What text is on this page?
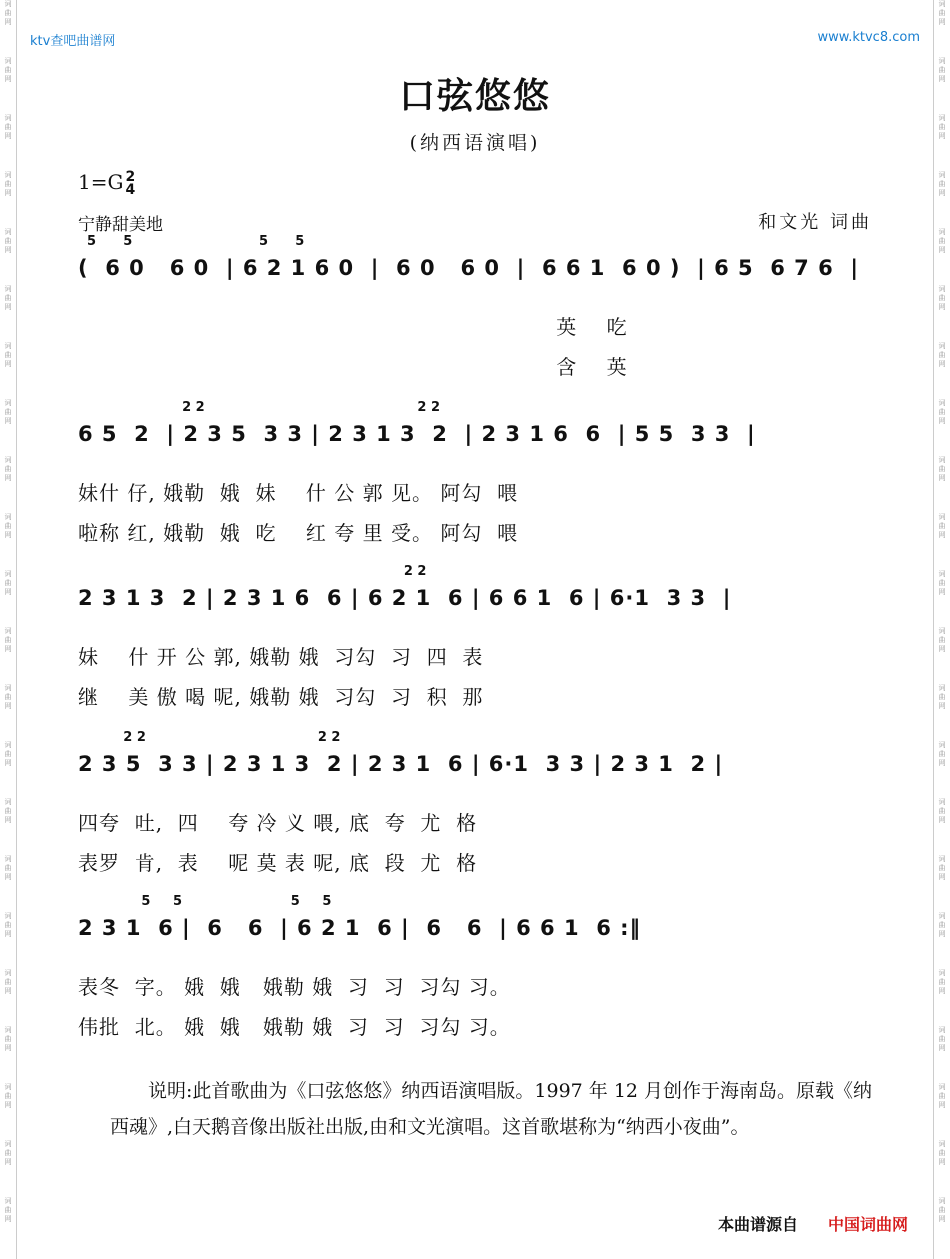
词曲网
词曲网
词曲网
词曲网
词曲网
词曲网
词曲网
词曲网
词曲网
词曲网
词曲网
词曲网
词曲网
词曲网
词曲网
词曲网
词曲网
词曲网
词曲网
词曲网
词曲网
词曲网
词曲网
词曲网
词曲网
词曲网
词曲网
词曲网
词曲网
词曲网
词曲网
词曲网
词曲网
词曲网
词曲网
词曲网
词曲网
词曲网
词曲网
词曲网
词曲网
词曲网
词曲网
词曲网
ktv查吧曲谱网	www.ktvc8.com
口弦悠悠
(纳西语演唱)
1=G 2
4
宁静甜美地	和文光 词曲
5      5                            5      5
(  6 0   6 0  | 6 2 1 6 0  |  6 0   6 0  |  6 6 1  6 0 )  | 6 5  6 7 6  |
英    吃
含    英
2 2                                               2 2
6 5  2  | 2 3 5  3 3 | 2 3 1 3  2  | 2 3 1 6  6  | 5 5  3 3  |
妹什 仔, 娥勒  娥  妹    什 公 郭 见。 阿勾  喂
啦称 红, 娥勒  娥  吃    红 夸 里 受。 阿勾  喂
2 2
2 3 1 3  2 | 2 3 1 6  6 | 6 2 1  6 | 6 6 1  6 | 6·1  3 3  |
妹    什 开 公 郭, 娥勒 娥  习勾  习  四  表
继    美 傲 喝 呢, 娥勒 娥  习勾  习  积  那
2 2                                      2 2
2 3 5  3 3 | 2 3 1 3  2 | 2 3 1  6 | 6·1  3 3 | 2 3 1  2 |
四夸  吐,  四    夸 冷 义 喂, 底  夸  尤  格
表罗  肯,  表    呢 莫 表 呢, 底  段  尤  格
5     5                        5     5
2 3 1  6 |  6   6  | 6 2 1  6 |  6   6  | 6 6 1  6 :‖
表冬  字。 娥  娥   娥勒 娥  习  习  习勾 习。
伟批  北。 娥  娥   娥勒 娥  习  习  习勾 习。
说明:此首歌曲为《口弦悠悠》纳西语演唱版。1997 年 12 月创作于海南岛。原载《纳西魂》,白天鹅音像出版社出版,由和文光演唱。这首歌堪称为“纳西小夜曲”。
本曲谱源自 中国词曲网
